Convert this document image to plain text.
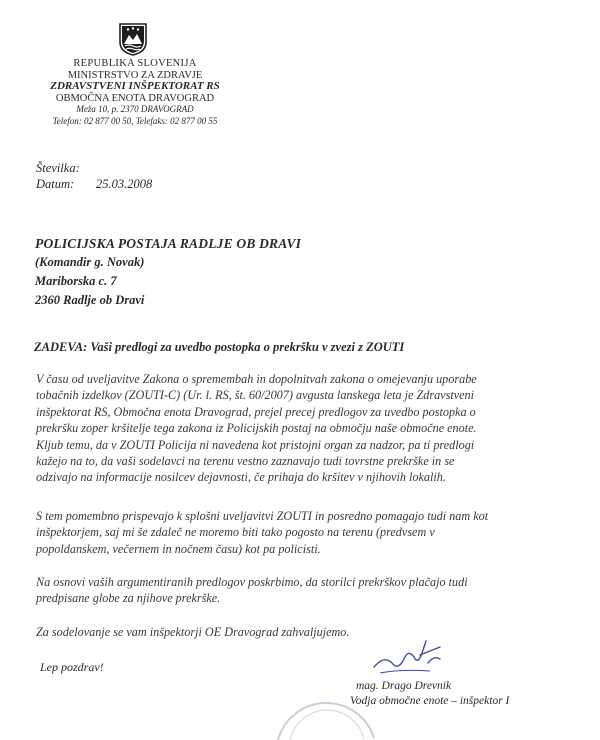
REPUBLIKA SLOVENIJA
MINISTRSTVO ZA ZDRAVJE
ZDRAVSTVENI INŠPEKTORAT RS
OBMOČNA ENOTA DRAVOGRAD
Meža 10, p. 2370 DRAVOGRAD
Telefon: 02 877 00 50, Telefaks: 02 877 00 55
Številka:
Datum: 25.03.2008
POLICIJSKA POSTAJA RADLJE OB DRAVI
(Komandir g. Novak)
Mariborska c. 7
2360 Radlje ob Dravi
ZADEVA: Vaši predlogi za uvedbo postopka o prekršku v zvezi z ZOUTI
V času od uveljavitve Zakona o spremembah in dopolnitvah zakona o omejevanju uporabe
tobačnih izdelkov (ZOUTI-C) (Ur. l. RS, št. 60/2007) avgusta lanskega leta je Zdravstveni
inšpektorat RS, Območna enota Dravograd, prejel precej predlogov za uvedbo postopka o
prekršku zoper kršitelje tega zakona iz Policijskih postaj na območju naše območne enote.
Kljub temu, da v ZOUTI Policija ni navedena kot pristojni organ za nadzor, pa ti predlogi
kažejo na to, da vaši sodelavci na terenu vestno zaznavajo tudi tovrstne prekrške in se
odzivajo na informacije nosilcev dejavnosti, če prihaja do kršitev v njihovih lokalih.
S tem pomembno prispevajo k splošni uveljavitvi ZOUTI in posredno pomagajo tudi nam kot
inšpektorjem, saj mi še zdaleč ne moremo biti tako pogosto na terenu (predvsem v
popoldanskem, večernem in nočnem času) kot pa policisti.
Na osnovi vaših argumentiranih predlogov poskrbimo, da storilci prekrškov plačajo tudi
predpisane globe za njihove prekrške.
Za sodelovanje se vam inšpektorji OE Dravograd zahvaljujemo.
Lep pozdrav!
mag. Drago Drevnik
Vodja območne enote – inšpektor I
